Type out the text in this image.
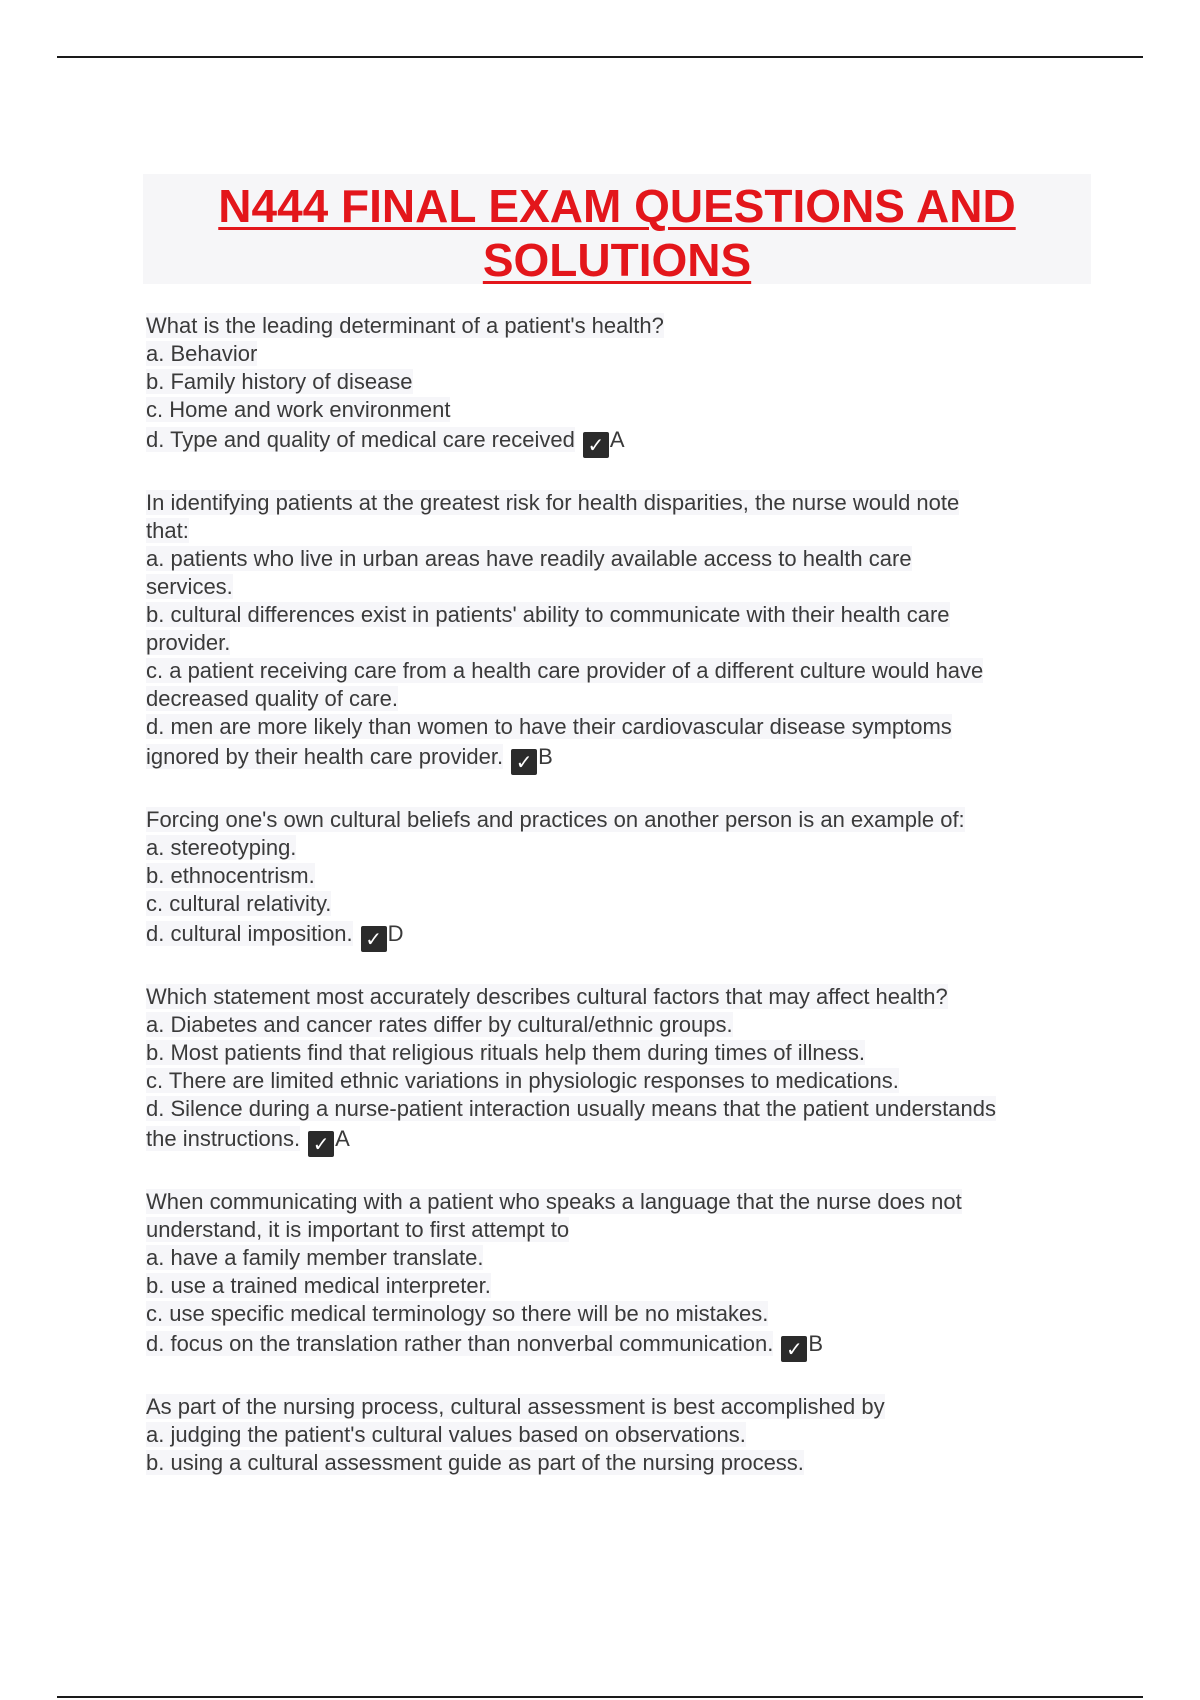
N444 FINAL EXAM QUESTIONS AND
SOLUTIONS
What is the leading determinant of a patient's health?
a. Behavior
b. Family history of disease
c. Home and work environment
d. Type and quality of medical care received ✓ A
In identifying patients at the greatest risk for health disparities, the nurse would note
that:
a. patients who live in urban areas have readily available access to health care
services.
b. cultural differences exist in patients' ability to communicate with their health care
provider.
c. a patient receiving care from a health care provider of a different culture would have
decreased quality of care.
d. men are more likely than women to have their cardiovascular disease symptoms
ignored by their health care provider. ✓ B
Forcing one's own cultural beliefs and practices on another person is an example of:
a. stereotyping.
b. ethnocentrism.
c. cultural relativity.
d. cultural imposition. ✓ D
Which statement most accurately describes cultural factors that may affect health?
a. Diabetes and cancer rates differ by cultural/ethnic groups.
b. Most patients find that religious rituals help them during times of illness.
c. There are limited ethnic variations in physiologic responses to medications.
d. Silence during a nurse-patient interaction usually means that the patient understands
the instructions. ✓ A
When communicating with a patient who speaks a language that the nurse does not
understand, it is important to first attempt to
a. have a family member translate.
b. use a trained medical interpreter.
c. use specific medical terminology so there will be no mistakes.
d. focus on the translation rather than nonverbal communication. ✓ B
As part of the nursing process, cultural assessment is best accomplished by
a. judging the patient's cultural values based on observations.
b. using a cultural assessment guide as part of the nursing process.
